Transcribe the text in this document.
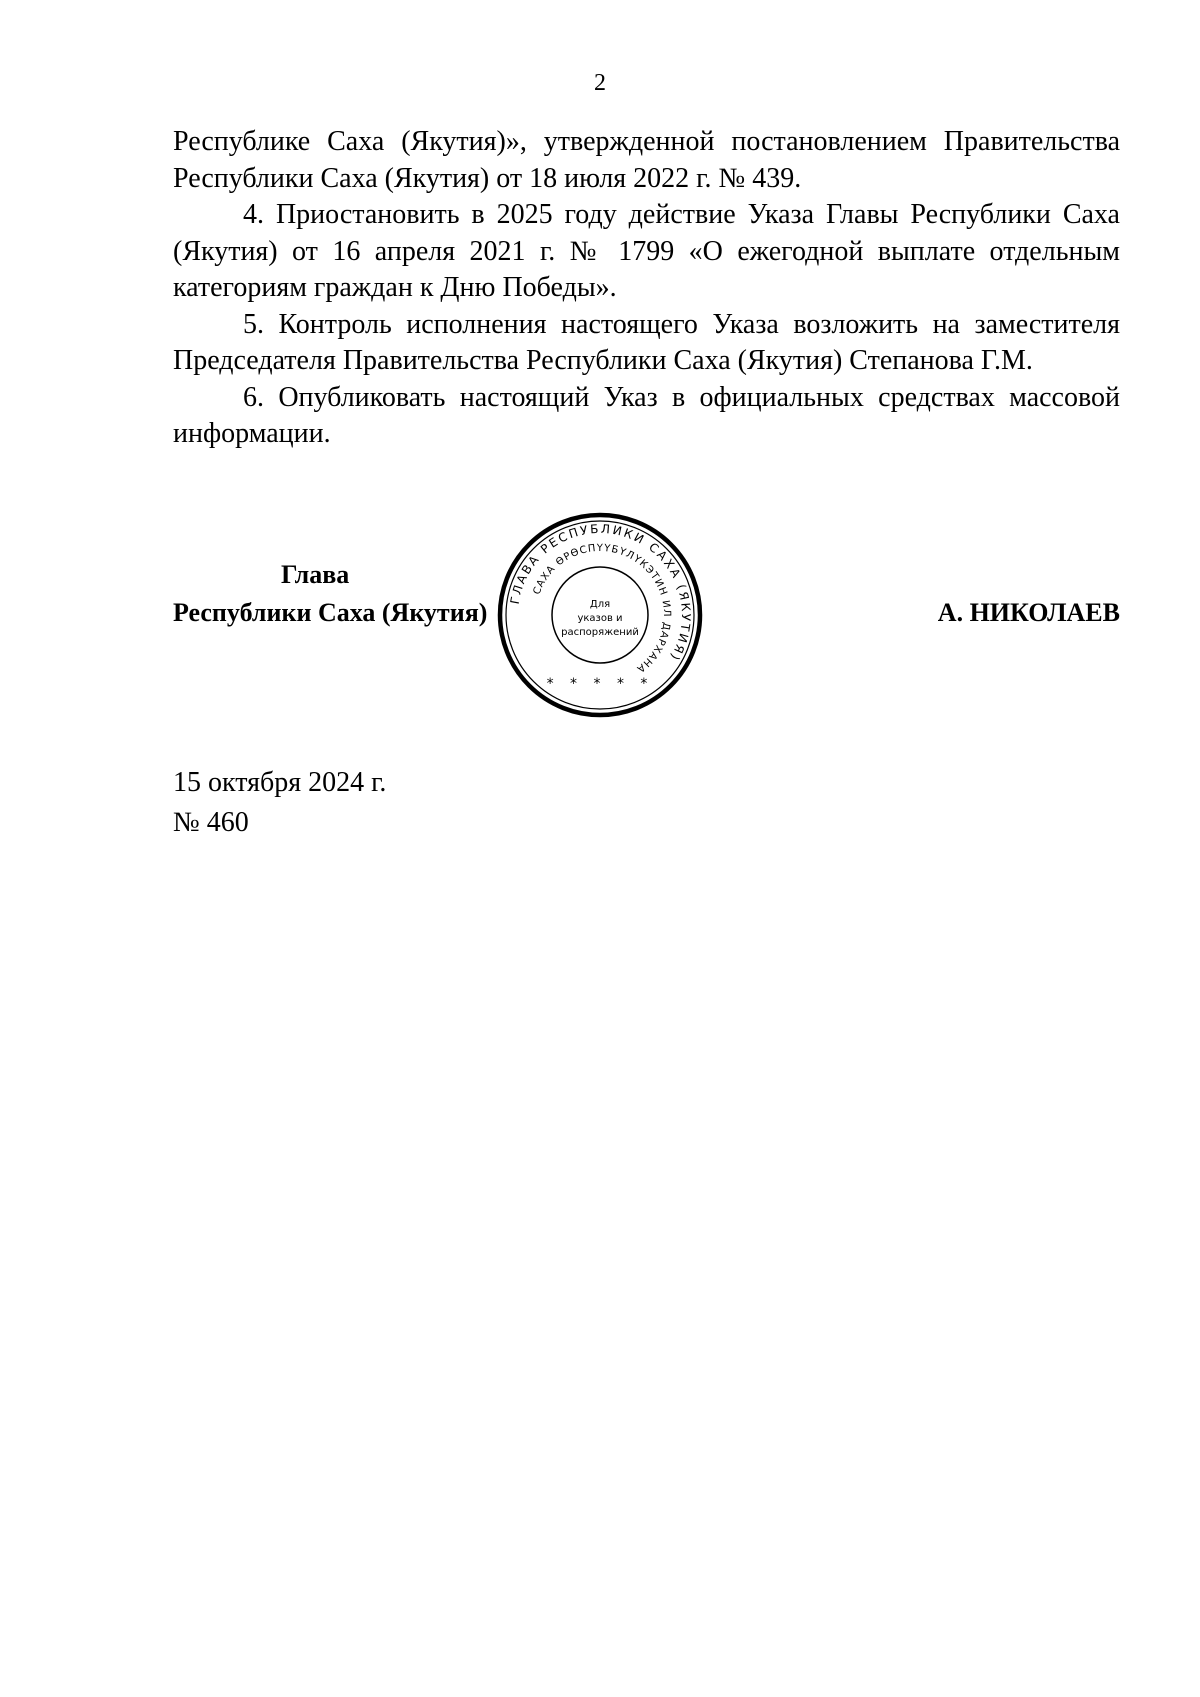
2

Республике Саха (Якутия)», утвержденной постановлением Правительства Республики Саха (Якутия) от 18 июля 2022 г. № 439.

4. Приостановить в 2025 году действие Указа Главы Республики Саха (Якутия) от 16 апреля 2021 г. № 1799 «О ежегодной выплате отдельным категориям граждан к Дню Победы».

5. Контроль исполнения настоящего Указа возложить на заместителя Председателя Правительства Республики Саха (Якутия) Степанова Г.М.

6. Опубликовать настоящий Указ в официальных средствах массовой информации.

Глава
Республики Саха (Якутия)	А. НИКОЛАЕВ
ГЛАВА РЕСПУБЛИКИ САХА (ЯКУТИЯ)
САХА ӨРӨСПҮҮБҮЛҮКЭТИН ИЛ ДАРХАНА
Для
указов и
распоряжений
* * * * *
15 октября 2024 г.
№ 460
